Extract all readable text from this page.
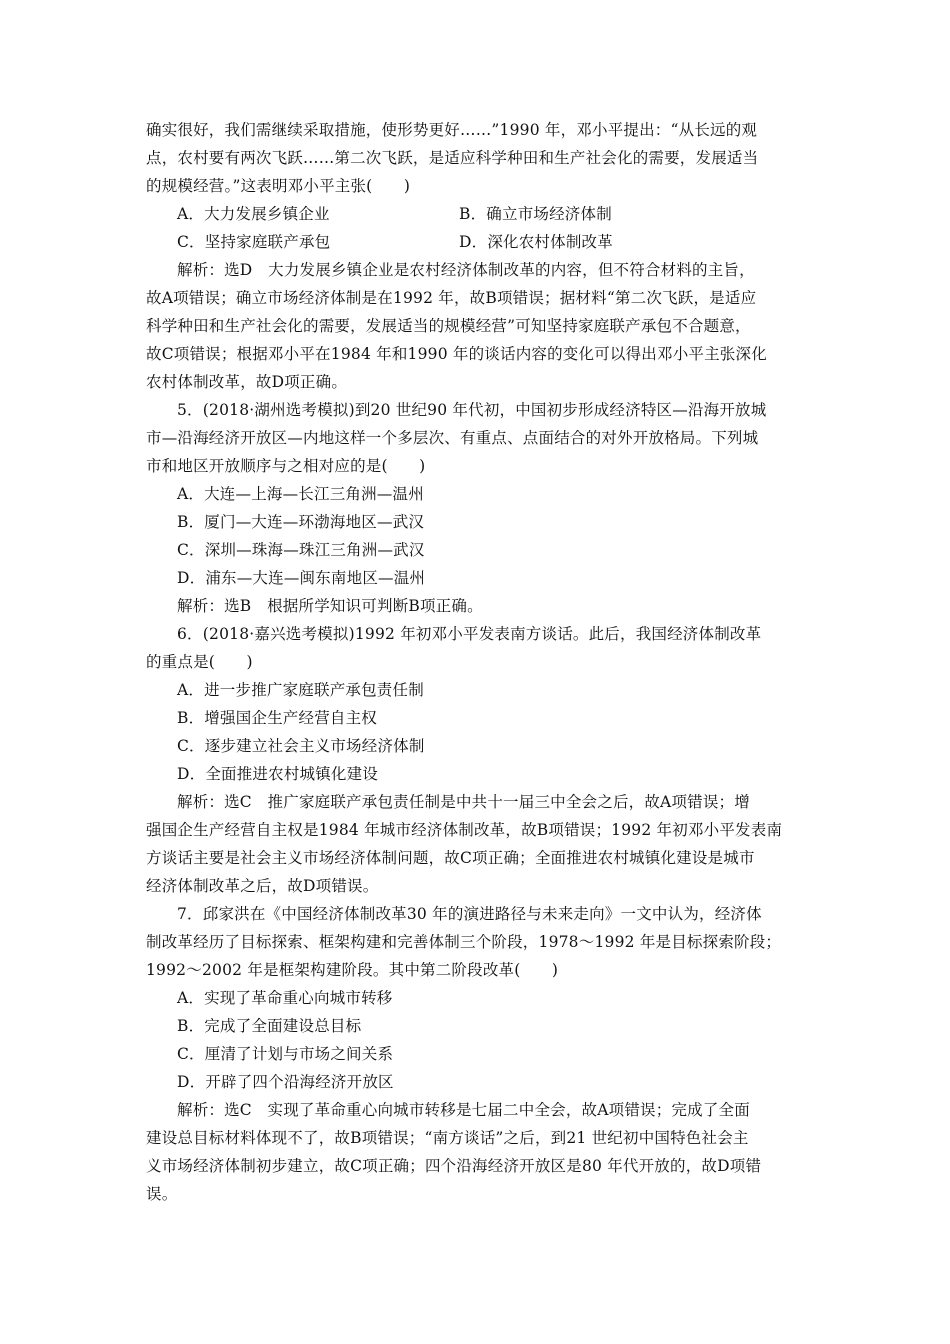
确实很好，我们需继续采取措施，使形势更好……”1990 年，邓小平提出：“从长远的观
点，农村要有两次飞跃……第二次飞跃，是适应科学种田和生产社会化的需要，发展适当
的规模经营。”这表明邓小平主张(　　)
A．大力发展乡镇企业	B．确立市场经济体制
C．坚持家庭联产承包	D．深化农村体制改革
解析：选D　大力发展乡镇企业是农村经济体制改革的内容，但不符合材料的主旨，
故A项错误；确立市场经济体制是在1992 年，故B项错误；据材料“第二次飞跃，是适应
科学种田和生产社会化的需要，发展适当的规模经营”可知坚持家庭联产承包不合题意，
故C项错误；根据邓小平在1984 年和1990 年的谈话内容的变化可以得出邓小平主张深化
农村体制改革，故D项正确。
5．(2018·湖州选考模拟)到20 世纪90 年代初，中国初步形成经济特区—沿海开放城
市—沿海经济开放区—内地这样一个多层次、有重点、点面结合的对外开放格局。下列城
市和地区开放顺序与之相对应的是(　　)
A．大连—上海—长江三角洲—温州
B．厦门—大连—环渤海地区—武汉
C．深圳—珠海—珠江三角洲—武汉
D．浦东—大连—闽东南地区—温州
解析：选B　根据所学知识可判断B项正确。
6．(2018·嘉兴选考模拟)1992 年初邓小平发表南方谈话。此后，我国经济体制改革
的重点是(　　)
A．进一步推广家庭联产承包责任制
B．增强国企生产经营自主权
C．逐步建立社会主义市场经济体制
D．全面推进农村城镇化建设
解析：选C　推广家庭联产承包责任制是中共十一届三中全会之后，故A项错误；增
强国企生产经营自主权是1984 年城市经济体制改革，故B项错误；1992 年初邓小平发表南
方谈话主要是社会主义市场经济体制问题，故C项正确；全面推进农村城镇化建设是城市
经济体制改革之后，故D项错误。
7．邱家洪在《中国经济体制改革30 年的演进路径与未来走向》一文中认为，经济体
制改革经历了目标探索、框架构建和完善体制三个阶段，1978～1992 年是目标探索阶段；
1992～2002 年是框架构建阶段。其中第二阶段改革(　　)
A．实现了革命重心向城市转移
B．完成了全面建设总目标
C．厘清了计划与市场之间关系
D．开辟了四个沿海经济开放区
解析：选C　实现了革命重心向城市转移是七届二中全会，故A项错误；完成了全面
建设总目标材料体现不了，故B项错误；“南方谈话”之后，到21 世纪初中国特色社会主
义市场经济体制初步建立，故C项正确；四个沿海经济开放区是80 年代开放的，故D项错
误。
